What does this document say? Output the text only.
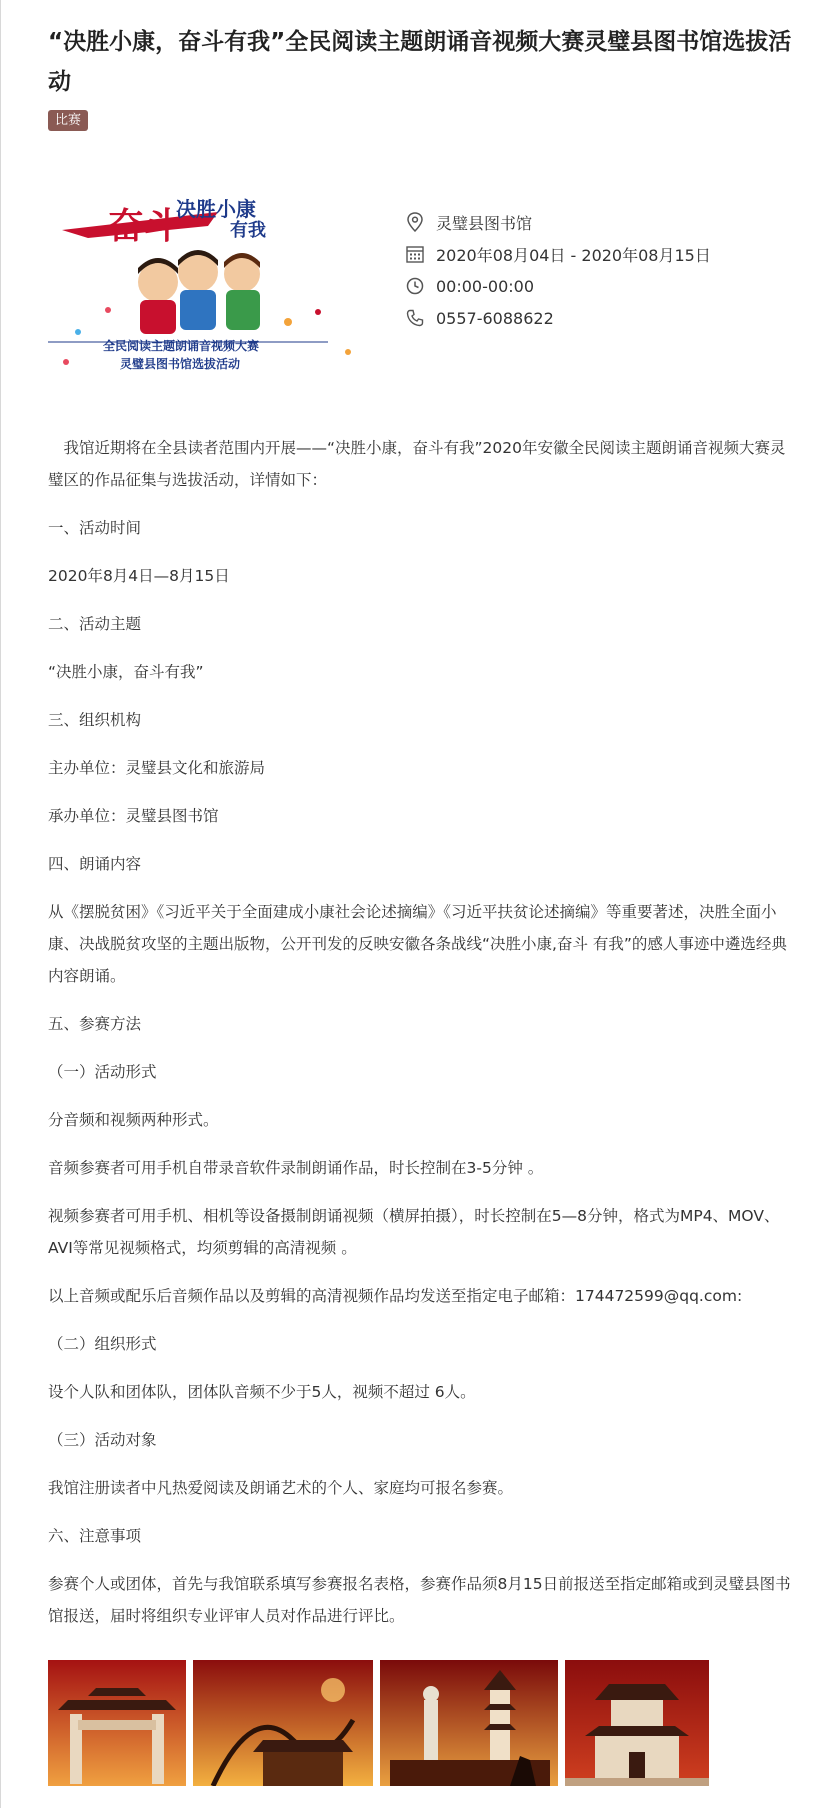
“决胜小康，奋斗有我”全民阅读主题朗诵音视频大赛灵璧县图书馆选拔活动
比赛
决胜小康
有我
奋斗
全民阅读主题朗诵音视频大赛
灵璧县图书馆选拔活动
灵璧县图书馆
2020年08月04日 - 2020年08月15日
00:00-00:00
0557-6088622

　我馆近期将在全县读者范围内开展——“决胜小康，奋斗有我”2020年安徽全民阅读主题朗诵音视频大赛灵璧区的作品征集与选拔活动，详情如下：

一、活动时间

2020年8月4日—8月15日

二、活动主题

“决胜小康，奋斗有我”

三、组织机构

主办单位：灵璧县文化和旅游局

承办单位：灵璧县图书馆

四、朗诵内容

从《摆脱贫困》《习近平关于全面建成小康社会论述摘编》《习近平扶贫论述摘编》等重要著述，决胜全面小康、决战脱贫攻坚的主题出版物，公开刊发的反映安徽各条战线“决胜小康,奋斗 有我”的感人事迹中遴选经典内容朗诵。

五、参赛方法

（一）活动形式

分音频和视频两种形式。

音频参赛者可用手机自带录音软件录制朗诵作品，时长控制在3-5分钟 。

视频参赛者可用手机、相机等设备摄制朗诵视频（横屏拍摄），时长控制在5—8分钟，格式为MP4、MOV、AVI等常见视频格式，均须剪辑的高清视频 。

以上音频或配乐后音频作品以及剪辑的高清视频作品均发送至指定电子邮箱：174472599@qq.com:

（二）组织形式

设个人队和团体队，团体队音频不少于5人，视频不超过 6人。

（三）活动对象

我馆注册读者中凡热爱阅读及朗诵艺术的个人、家庭均可报名参赛。

六、注意事项

参赛个人或团体，首先与我馆联系填写参赛报名表格，参赛作品须8月15日前报送至指定邮箱或到灵璧县图书馆报送，届时将组织专业评审人员对作品进行评比。
